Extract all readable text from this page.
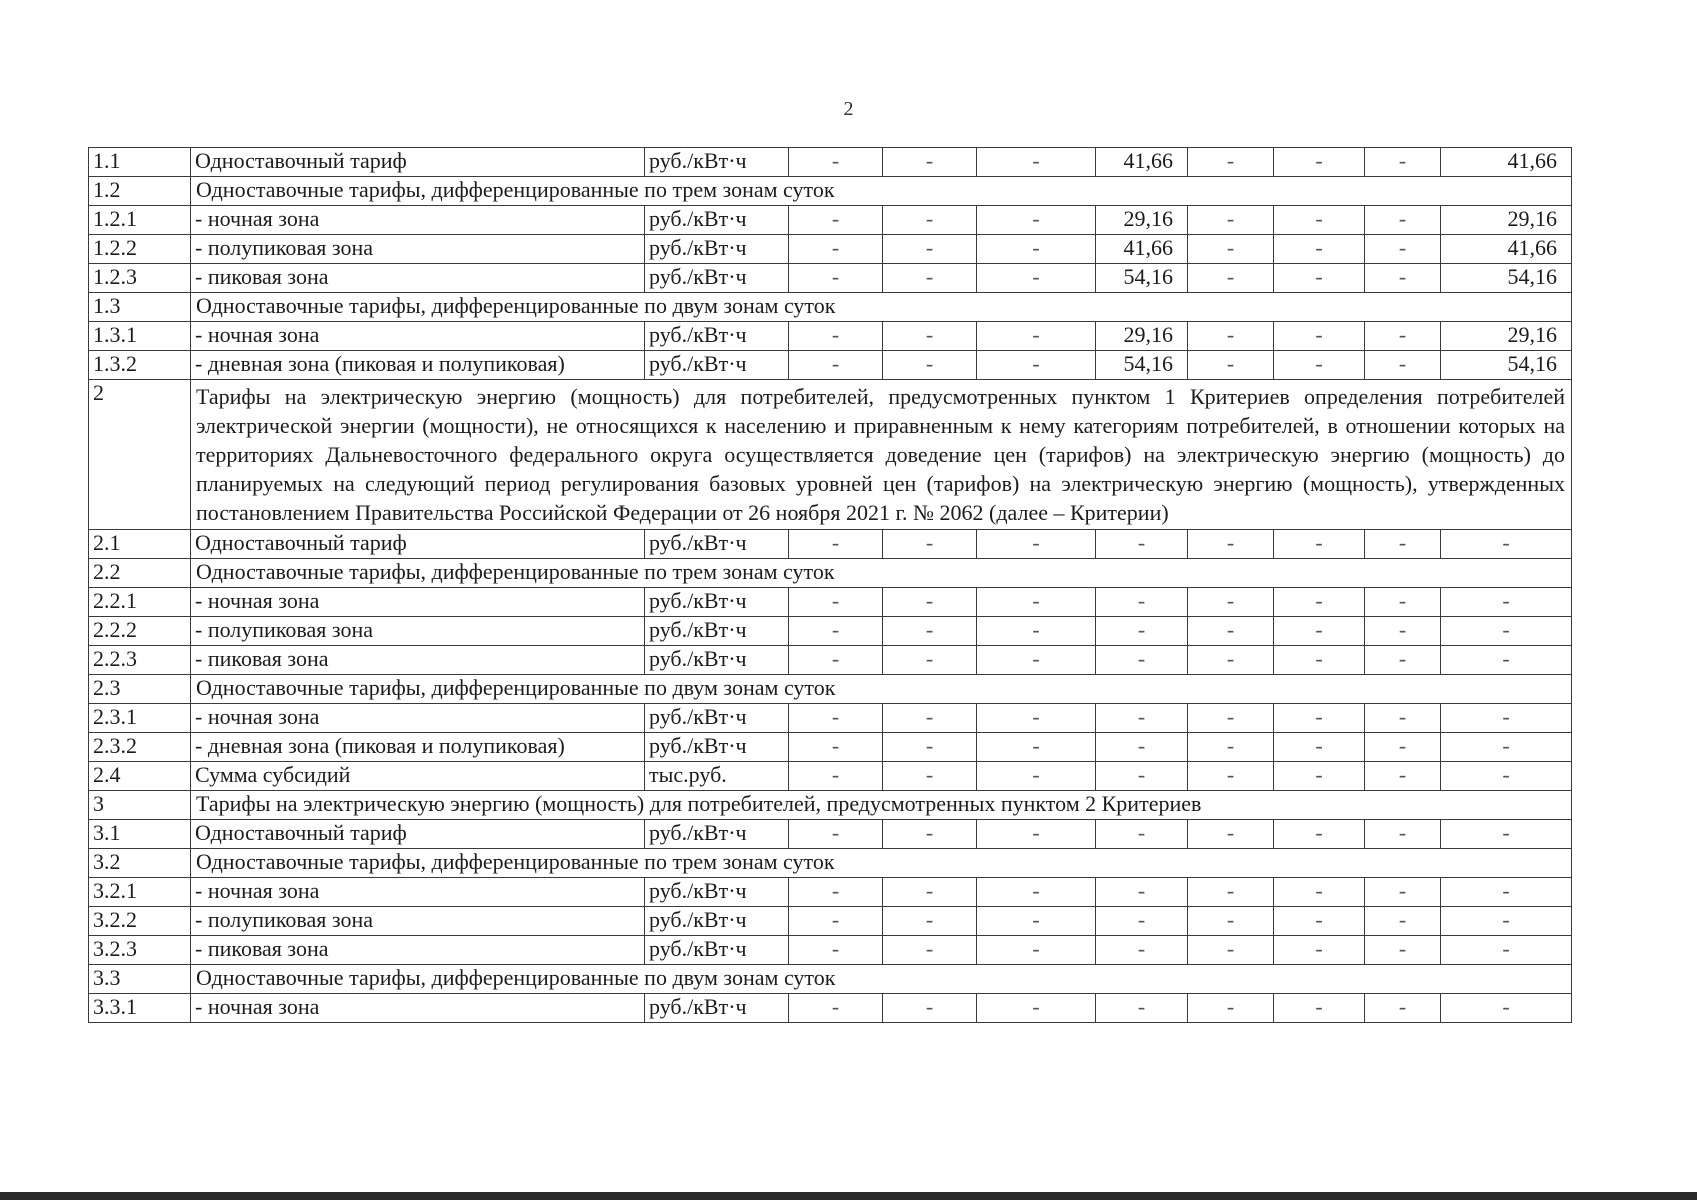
2
1.1	Одноставочный тариф	руб./кВт·ч	-	-	-	41,66	-	-	-	41,66
1.2	Одноставочные тарифы, дифференцированные по трем зонам суток									
1.2.1	- ночная зона	руб./кВт·ч	-	-	-	29,16	-	-	-	29,16
1.2.2	- полупиковая зона	руб./кВт·ч	-	-	-	41,66	-	-	-	41,66
1.2.3	- пиковая зона	руб./кВт·ч	-	-	-	54,16	-	-	-	54,16
1.3	Одноставочные тарифы, дифференцированные по двум зонам суток									
1.3.1	- ночная зона	руб./кВт·ч	-	-	-	29,16	-	-	-	29,16
1.3.2	- дневная зона (пиковая и полупиковая)	руб./кВт·ч	-	-	-	54,16	-	-	-	54,16
2	Тарифы на электрическую энергию (мощность) для потребителей, предусмотренных пунктом 1 Критериев определения потребителей электрической энергии (мощности), не относящихся к населению и приравненным к нему категориям потребителей, в отношении которых на территориях Дальневосточного федерального округа осуществляется доведение цен (тарифов) на электрическую энергию (мощность) до планируемых на следующий период регулирования базовых уровней цен (тарифов) на электрическую энергию (мощность), утвержденных постановлением Правительства Российской Федерации от 26 ноября 2021 г. № 2062 (далее – Критерии)									
2.1	Одноставочный тариф	руб./кВт·ч	-	-	-	-	-	-	-	-
2.2	Одноставочные тарифы, дифференцированные по трем зонам суток									
2.2.1	- ночная зона	руб./кВт·ч	-	-	-	-	-	-	-	-
2.2.2	- полупиковая зона	руб./кВт·ч	-	-	-	-	-	-	-	-
2.2.3	- пиковая зона	руб./кВт·ч	-	-	-	-	-	-	-	-
2.3	Одноставочные тарифы, дифференцированные по двум зонам суток									
2.3.1	- ночная зона	руб./кВт·ч	-	-	-	-	-	-	-	-
2.3.2	- дневная зона (пиковая и полупиковая)	руб./кВт·ч	-	-	-	-	-	-	-	-
2.4	Сумма субсидий	тыс.руб.	-	-	-	-	-	-	-	-
3	Тарифы на электрическую энергию (мощность) для потребителей, предусмотренных пунктом 2 Критериев									
3.1	Одноставочный тариф	руб./кВт·ч	-	-	-	-	-	-	-	-
3.2	Одноставочные тарифы, дифференцированные по трем зонам суток									
3.2.1	- ночная зона	руб./кВт·ч	-	-	-	-	-	-	-	-
3.2.2	- полупиковая зона	руб./кВт·ч	-	-	-	-	-	-	-	-
3.2.3	- пиковая зона	руб./кВт·ч	-	-	-	-	-	-	-	-
3.3	Одноставочные тарифы, дифференцированные по двум зонам суток									
3.3.1	- ночная зона	руб./кВт·ч	-	-	-	-	-	-	-	-
